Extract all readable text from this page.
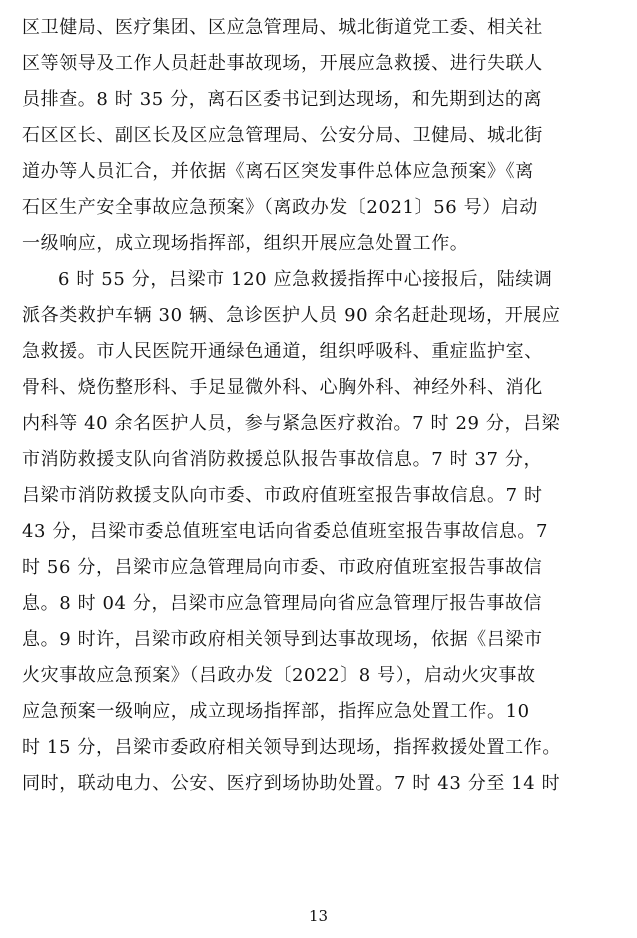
区卫健局、医疗集团、区应急管理局、城北街道党工委、相关社
区等领导及工作人员赶赴事故现场，开展应急救援、进行失联人
员排查。8 时 35 分，离石区委书记到达现场，和先期到达的离
石区区长、副区长及区应急管理局、公安分局、卫健局、城北街
道办等人员汇合，并依据《离石区突发事件总体应急预案》《离
石区生产安全事故应急预案》（离政办发〔2021〕56 号）启动
一级响应，成立现场指挥部，组织开展应急处置工作。
6 时 55 分，吕梁市 120 应急救援指挥中心接报后，陆续调
派各类救护车辆 30 辆、急诊医护人员 90 余名赶赴现场，开展应
急救援。市人民医院开通绿色通道，组织呼吸科、重症监护室、
骨科、烧伤整形科、手足显微外科、心胸外科、神经外科、消化
内科等 40 余名医护人员，参与紧急医疗救治。7 时 29 分，吕梁
市消防救援支队向省消防救援总队报告事故信息。7 时 37 分，
吕梁市消防救援支队向市委、市政府值班室报告事故信息。7 时
43 分，吕梁市委总值班室电话向省委总值班室报告事故信息。7
时 56 分，吕梁市应急管理局向市委、市政府值班室报告事故信
息。8 时 04 分，吕梁市应急管理局向省应急管理厅报告事故信
息。9 时许，吕梁市政府相关领导到达事故现场，依据《吕梁市
火灾事故应急预案》（吕政办发〔2022〕8 号），启动火灾事故
应急预案一级响应，成立现场指挥部，指挥应急处置工作。10
时 15 分，吕梁市委政府相关领导到达现场，指挥救援处置工作。
同时，联动电力、公安、医疗到场协助处置。7 时 43 分至 14 时
13
